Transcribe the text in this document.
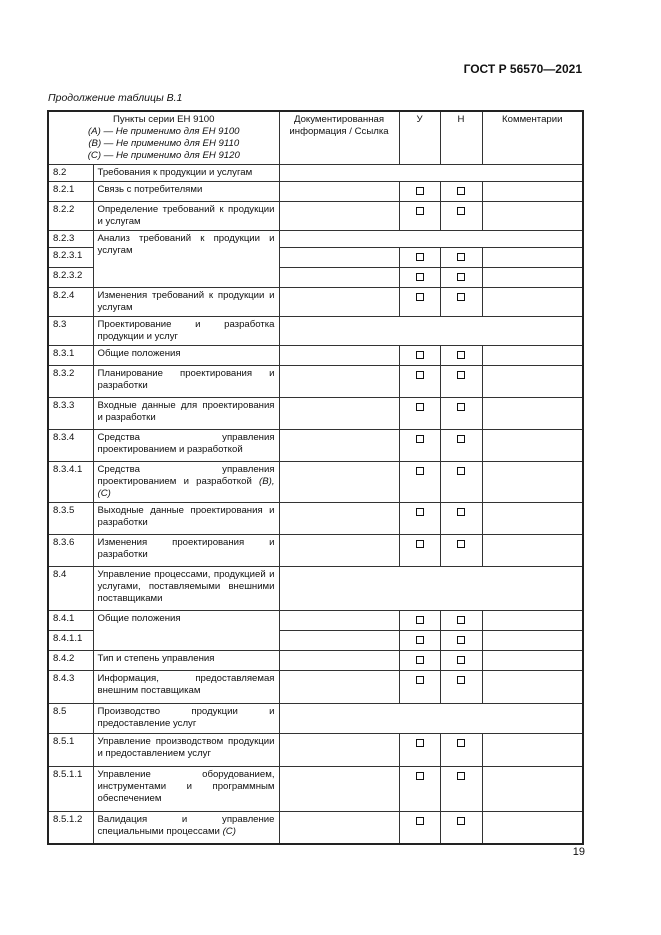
ГОСТ Р 56570—2021
Продолжение таблицы В.1
Пункты серии ЕН 9100
(А) — Не применимо для ЕН 9100
(В) — Не применимо для ЕН 9110
(С) — Не применимо для ЕН 9120		Документированная информация / Ссылка	У	Н	Комментарии
8.2	Требования к продукции и услугам				
8.2.1	Связь с потребителями				
8.2.2	Определение требований к продукции и услугам				
8.2.3	Анализ требований к продукции и услугам				
8.2.3.1					
8.2.3.2					
8.2.4	Изменения требований к продукции и услугам				
8.3	Проектирование и разработка продукции и услуг				
8.3.1	Общие положения				
8.3.2	Планирование проектирования и разработки				
8.3.3	Входные данные для проектирования и разработки				
8.3.4	Средства управления проектированием и разработкой				
8.3.4.1	Средства управления проектированием и разработкой (В), (С)				
8.3.5	Выходные данные проектирования и разработки				
8.3.6	Изменения проектирования и разработки				
8.4	Управление процессами, продукцией и услугами, поставляемыми внешними поставщиками				
8.4.1	Общие положения				
8.4.1.1					
8.4.2	Тип и степень управления				
8.4.3	Информация, предоставляемая внешним поставщикам				
8.5	Производство продукции и предоставление услуг				
8.5.1	Управление производством продукции и предоставлением услуг				
8.5.1.1	Управление оборудованием, инструментами и программным обеспечением				
8.5.1.2	Валидация и управление специальными процессами (С)				
19
